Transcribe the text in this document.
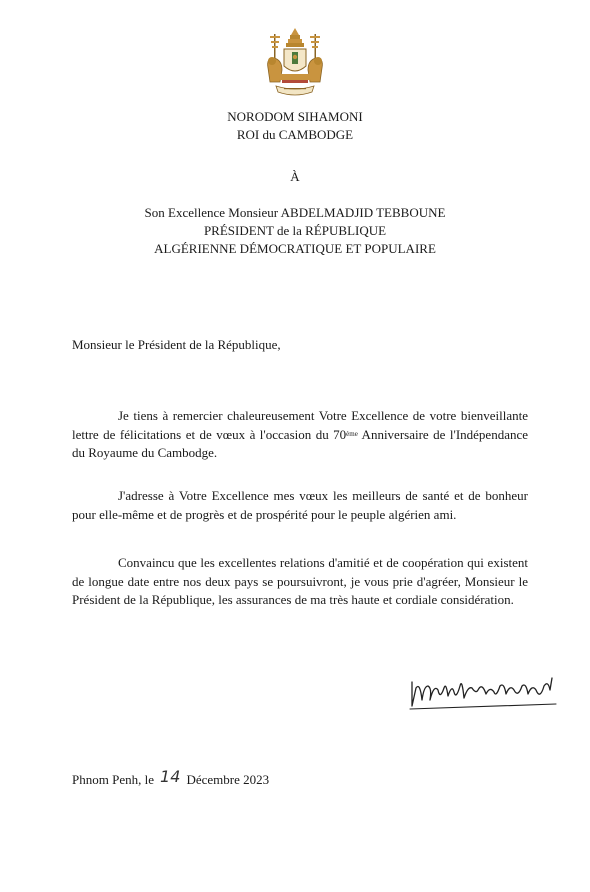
NORODOM SIHAMONI
ROI du CAMBODGE
À
Son Excellence Monsieur ABDELMADJID TEBBOUNE
PRÉSIDENT de la RÉPUBLIQUE
ALGÉRIENNE DÉMOCRATIQUE ET POPULAIRE
Monsieur le Président de la République,
Je tiens à remercier chaleureusement Votre Excellence de votre bienveillante lettre de félicitations et de vœux à l'occasion du 70ème Anniversaire de l'Indépendance du Royaume du Cambodge.
J'adresse à Votre Excellence mes vœux les meilleurs de santé et de bonheur pour elle-même et de progrès et de prospérité pour le peuple algérien ami.
Convaincu que les excellentes relations d'amitié et de coopération qui existent de longue date entre nos deux pays se poursuivront, je vous prie d'agréer, Monsieur le Président de la République, les assurances de ma très haute et cordiale considération.
Phnom Penh, le 14 Décembre 2023
